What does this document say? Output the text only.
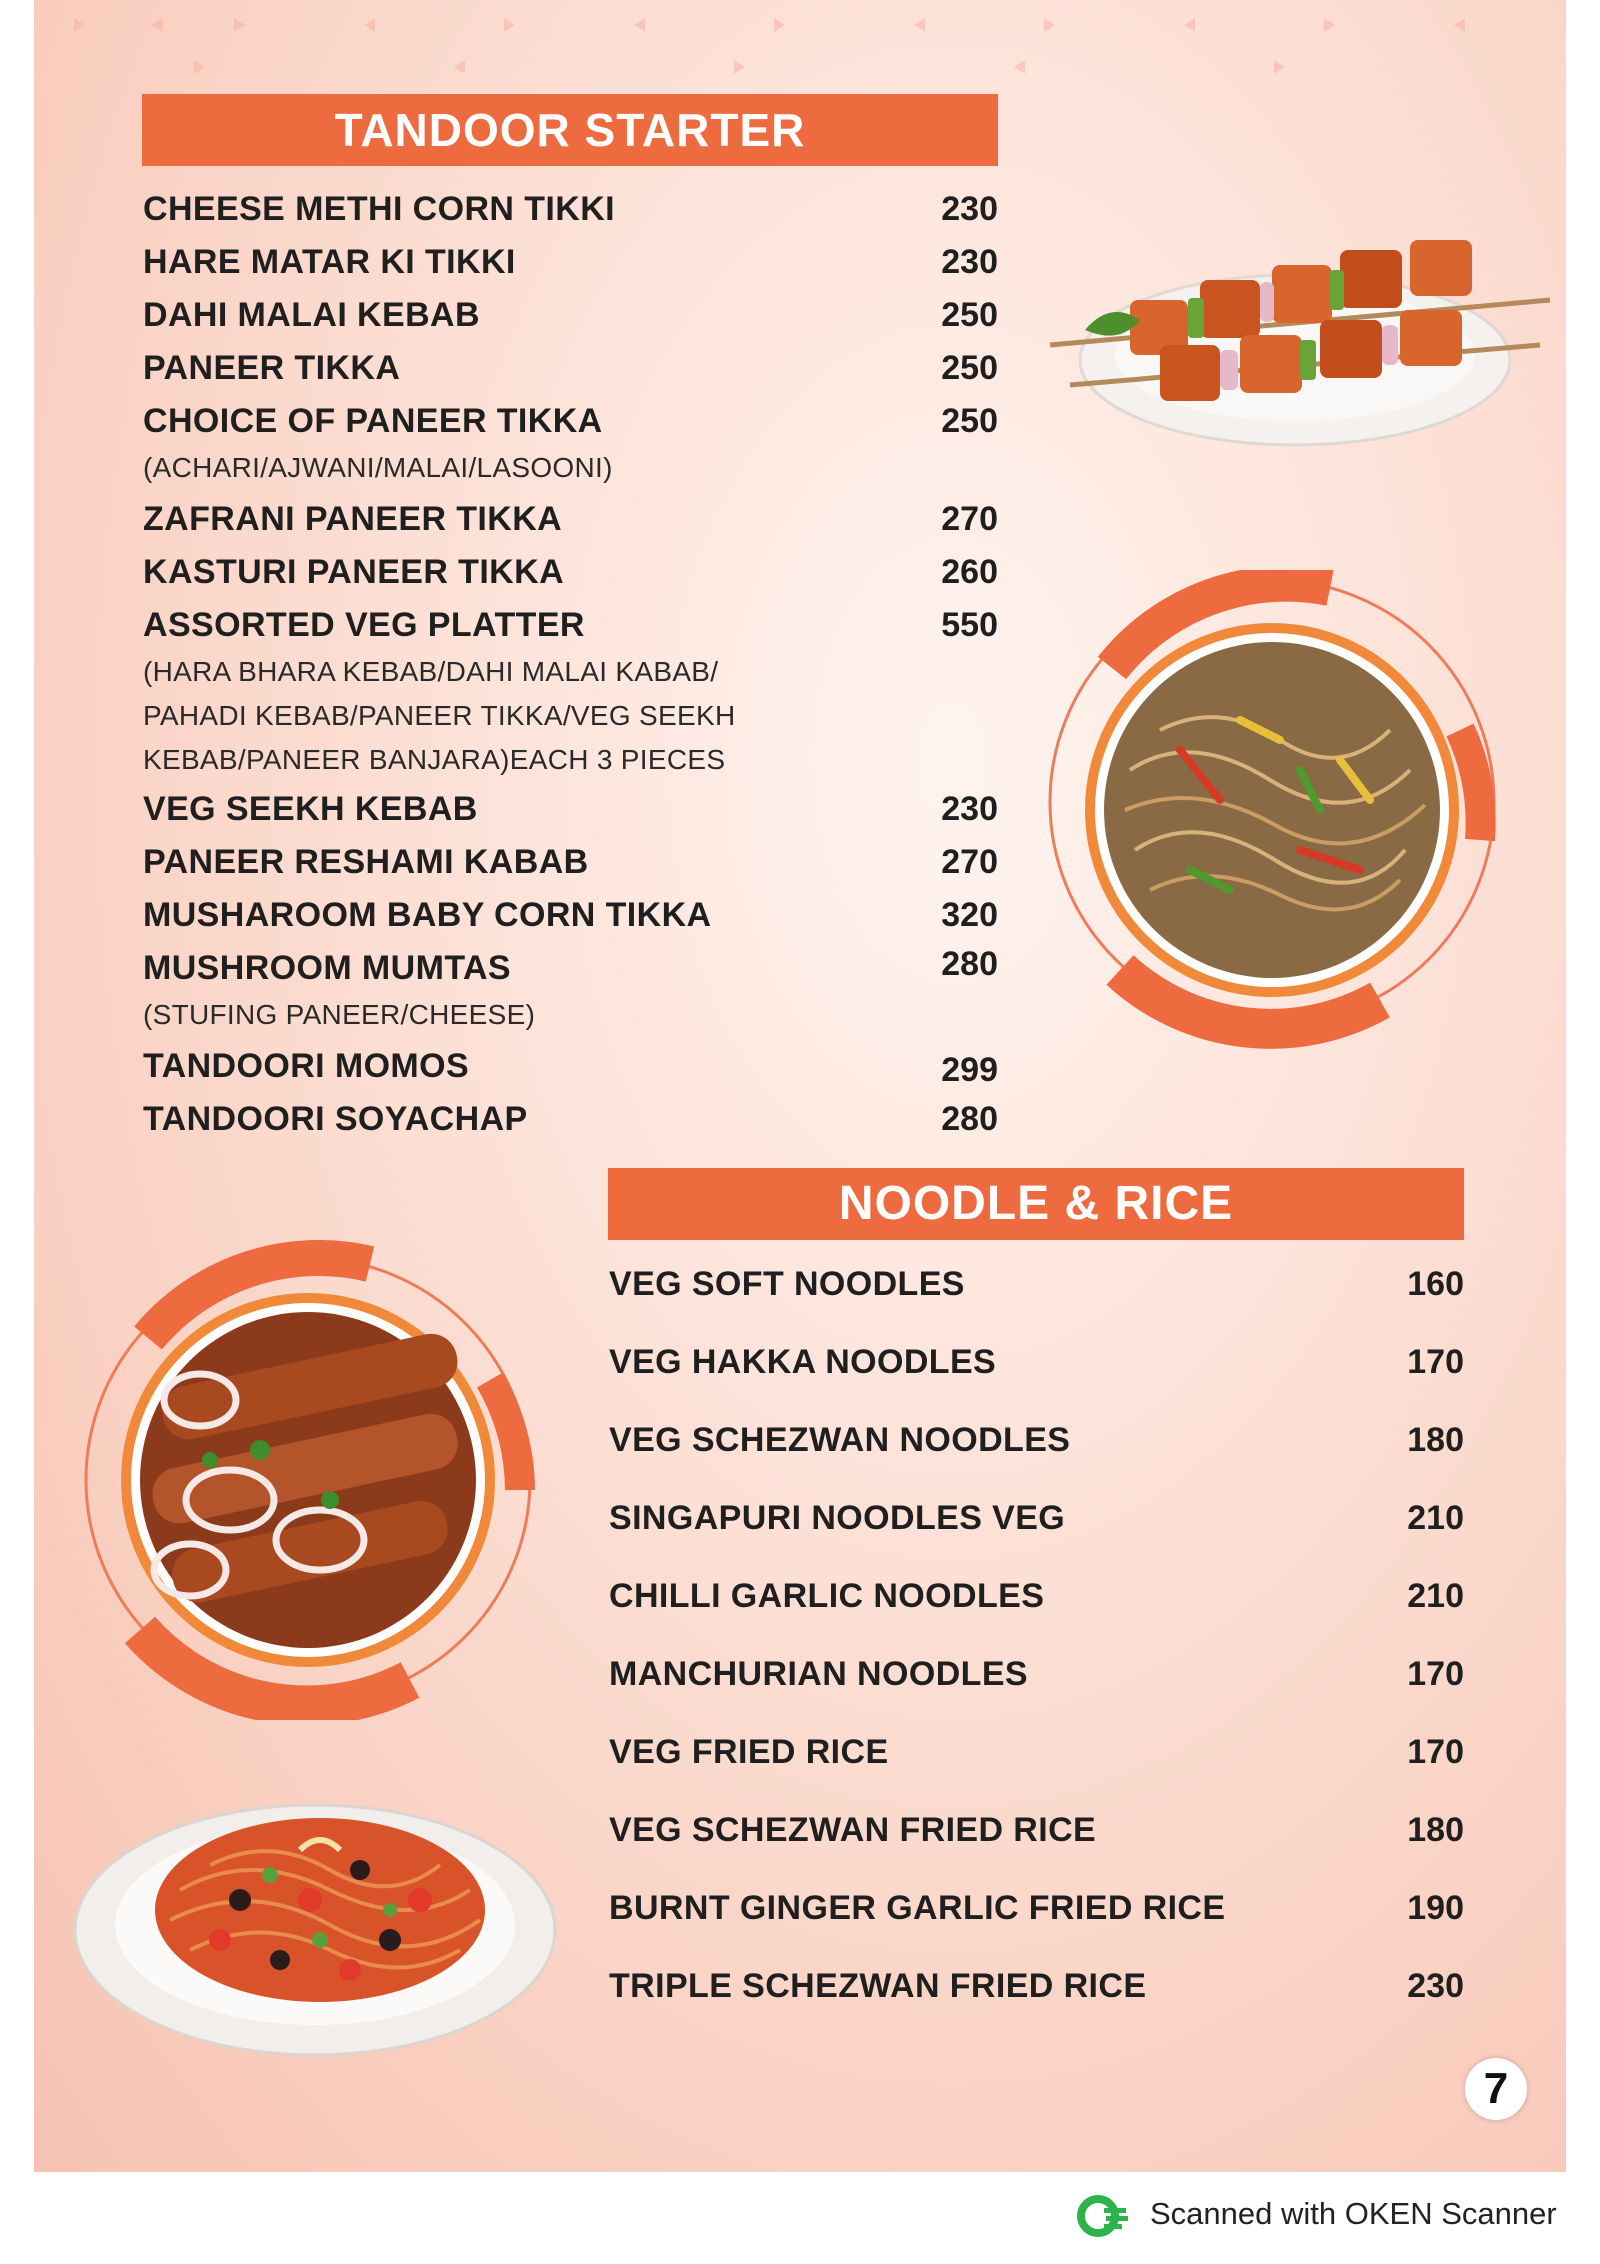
TANDOOR STARTER
CHEESE METHI CORN TIKKI	230
HARE MATAR KI TIKKI	230
DAHI MALAI KEBAB	250
PANEER TIKKA	250
CHOICE OF PANEER TIKKA	250
(ACHARI/AJWANI/MALAI/LASOONI)
ZAFRANI PANEER TIKKA	270
KASTURI PANEER TIKKA	260
ASSORTED VEG PLATTER	550
(HARA BHARA KEBAB/DAHI MALAI KABAB/
PAHADI KEBAB/PANEER TIKKA/VEG SEEKH
KEBAB/PANEER BANJARA)EACH 3 PIECES
VEG SEEKH KEBAB	230
PANEER RESHAMI KABAB	270
MUSHAROOM BABY CORN TIKKA	320
MUSHROOM MUMTAS	280
(STUFING PANEER/CHEESE)
TANDOORI MOMOS	299
TANDOORI SOYACHAP	280
NOODLE & RICE
VEG SOFT NOODLES	160
VEG HAKKA NOODLES	170
VEG SCHEZWAN NOODLES	180
SINGAPURI NOODLES VEG	210
CHILLI GARLIC NOODLES	210
MANCHURIAN NOODLES	170
VEG FRIED RICE	170
VEG SCHEZWAN FRIED RICE	180
BURNT GINGER GARLIC FRIED RICE	190
TRIPLE SCHEZWAN FRIED RICE	230
7
Scanned with OKEN Scanner
